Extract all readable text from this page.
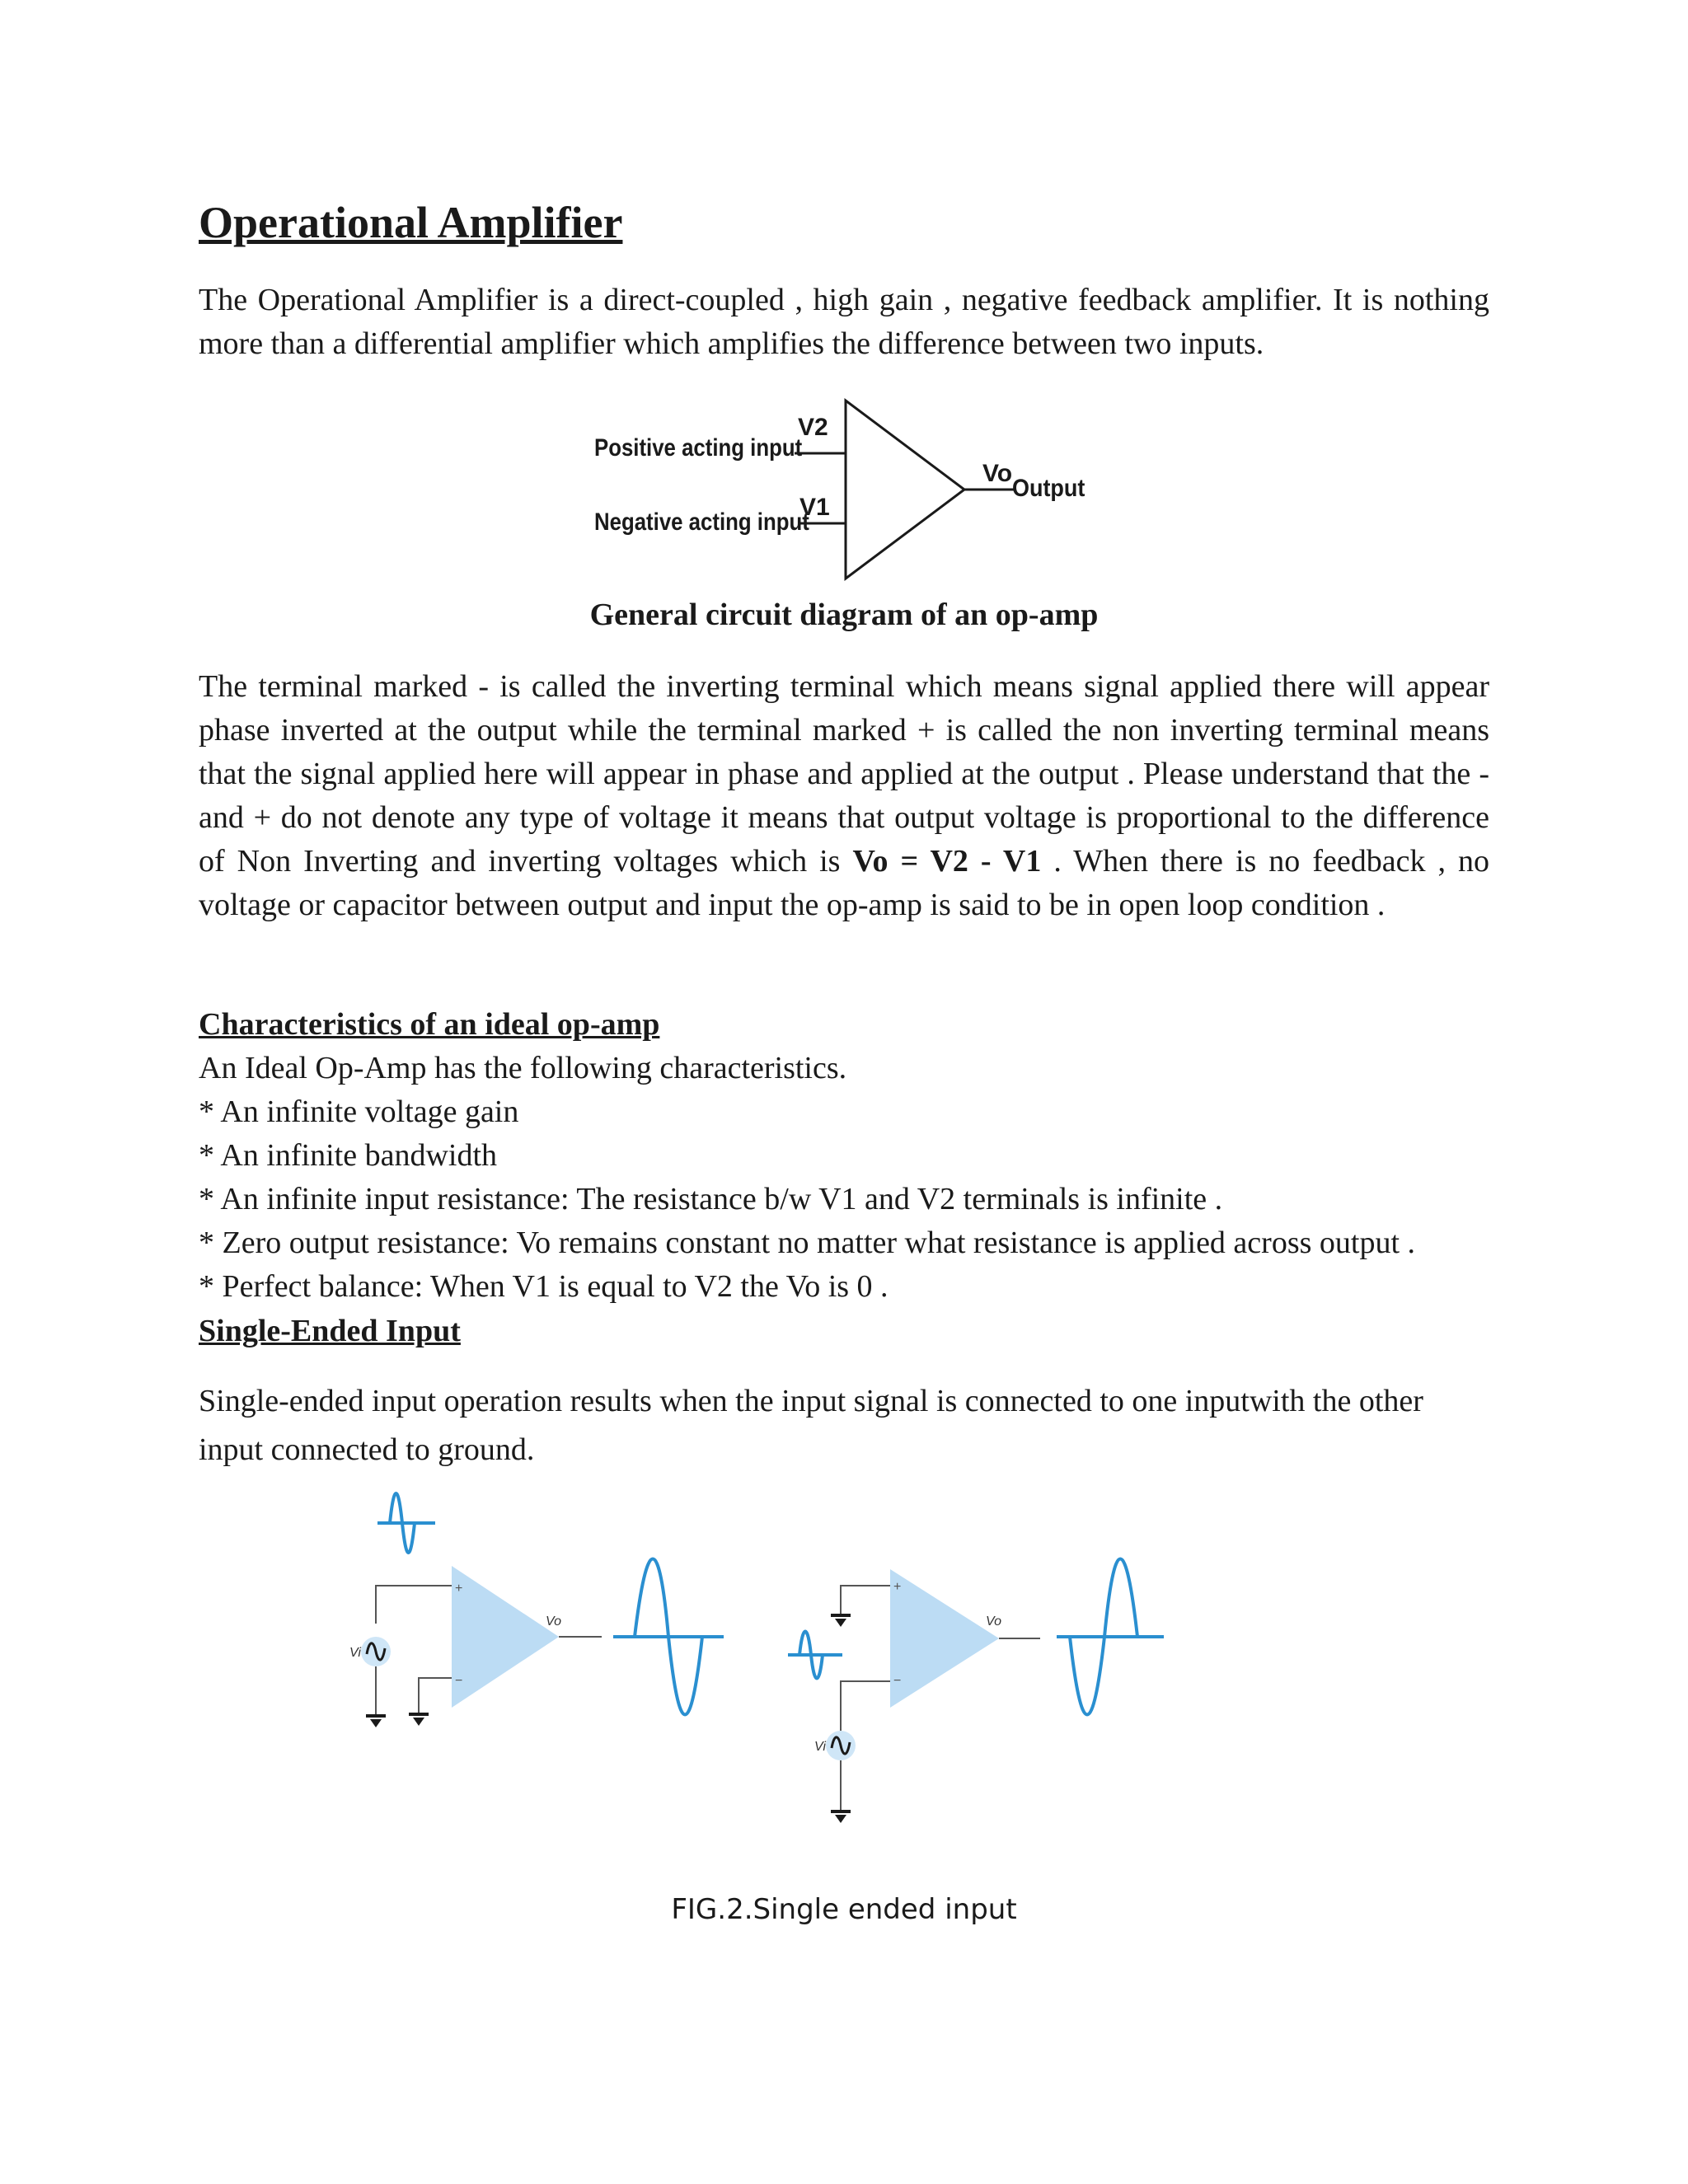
Operational Amplifier

The Operational Amplifier is a direct-coupled , high gain , negative feedback amplifier. It is nothing more than a differential amplifier which amplifies the difference between two inputs.

Positive acting input
V2
Negative acting input
V1
Vo
Output

General circuit diagram of an op-amp

The terminal marked - is called the inverting terminal which means signal applied there will appear phase inverted at the output while the terminal marked + is called the non inverting terminal means that the signal applied here will appear in phase and applied at the output . Please understand that the - and + do not denote any type of voltage it means that output voltage is proportional to the difference of Non Inverting and inverting voltages which is Vo = V2 - V1 . When there is no feedback , no voltage or capacitor between output and input the op-amp is said to be in open loop condition .

Characteristics of an ideal op-amp

An Ideal Op-Amp has the following characteristics.

* An infinite voltage gain

* An infinite bandwidth

* An infinite input resistance: The resistance b/w V1 and V2 terminals is infinite .

* Zero output resistance: Vo remains constant no matter what resistance is applied across output .

* Perfect balance: When V1 is equal to V2 the Vo is 0 .

Single-Ended Input

Single-ended input operation results when the input signal is connected to one inputwith the other input connected to ground.

Vi
+
−
Vo
Vi
+
−
Vo

FIG.2.Single ended input
